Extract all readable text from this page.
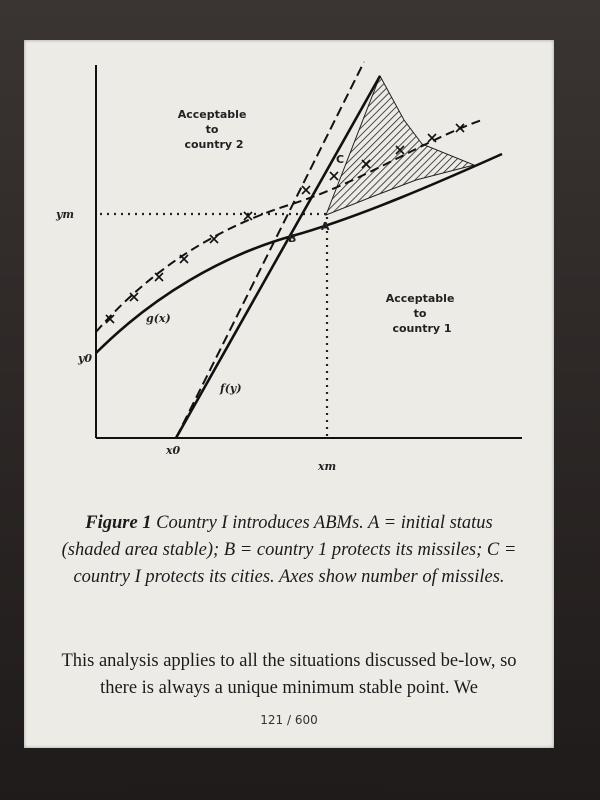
Acceptable to country 2
Acceptable to country 1
ym
y0
x0
xm
g(x)
f(y)
A
B
C
Figure 1 Country I introduces ABMs. A = initial status (shaded area stable); B = country 1 protects its missiles; C = country I protects its cities. Axes show number of missiles.
This analysis applies to all the situations discussed be-low, so there is always a unique minimum stable point. We
121 / 600
